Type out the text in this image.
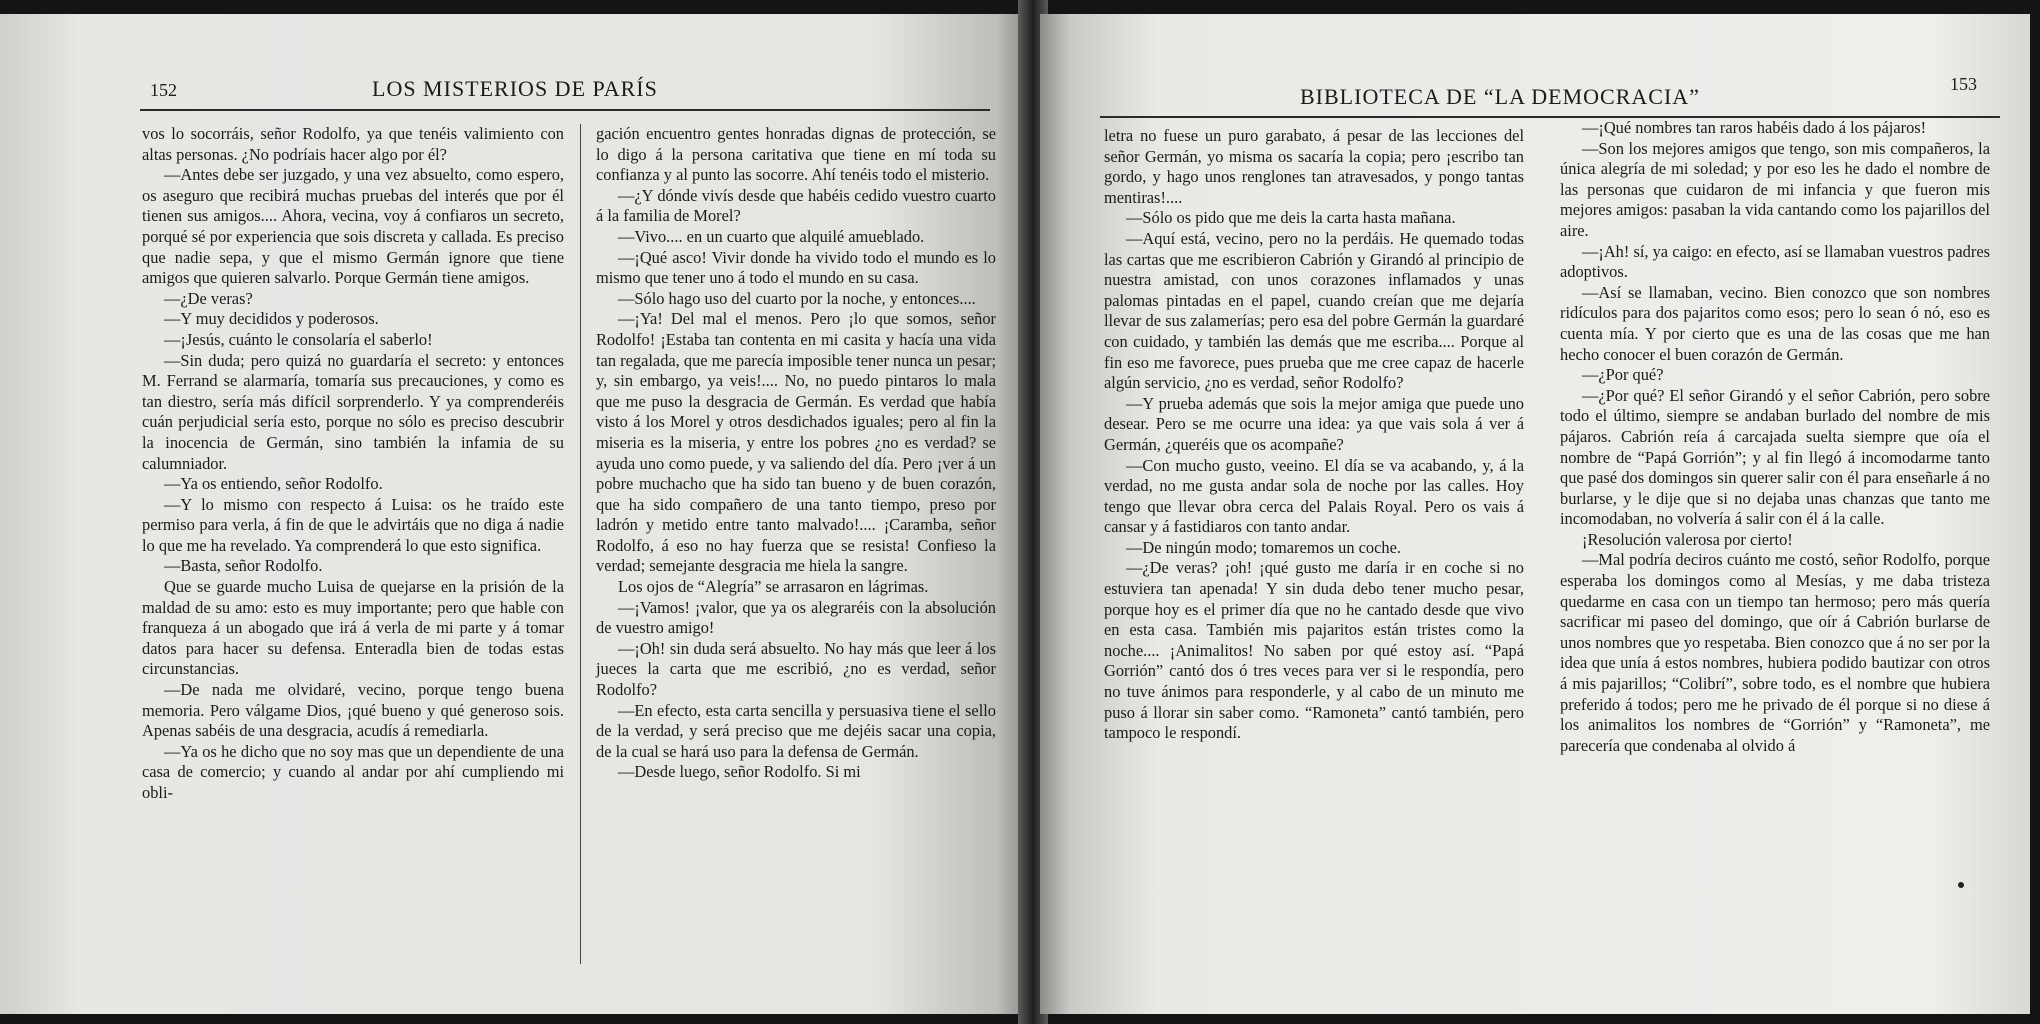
152	LOS MISTERIOS DE PARÍS

vos lo socorráis, señor Rodolfo, ya que tenéis valimiento con altas personas. ¿No podríais hacer algo por él?

—Antes debe ser juzgado, y una vez absuelto, como espero, os aseguro que recibirá muchas pruebas del interés que por él tienen sus amigos.... Ahora, vecina, voy á confiaros un secreto, porqué sé por experiencia que sois discreta y callada. Es preciso que nadie sepa, y que el mismo Germán ignore que tiene amigos que quieren salvarlo. Porque Germán tiene amigos.

—¿De veras?

—Y muy decididos y poderosos.

—¡Jesús, cuánto le consolaría el saberlo!

—Sin duda; pero quizá no guardaría el secreto: y entonces M. Ferrand se alarmaría, tomaría sus precauciones, y como es tan diestro, sería más difícil sorprenderlo. Y ya comprenderéis cuán perjudicial sería esto, porque no sólo es preciso descubrir la inocencia de Germán, sino también la infamia de su calumniador.

—Ya os entiendo, señor Rodolfo.

—Y lo mismo con respecto á Luisa: os he traído este permiso para verla, á fin de que le advirtáis que no diga á nadie lo que me ha revelado. Ya comprenderá lo que esto significa.

—Basta, señor Rodolfo.

Que se guarde mucho Luisa de quejarse en la prisión de la maldad de su amo: esto es muy importante; pero que hable con franqueza á un abogado que irá á verla de mi parte y á tomar datos para hacer su defensa. Enteradla bien de todas estas circunstancias.

—De nada me olvidaré, vecino, porque tengo buena memoria. Pero válgame Dios, ¡qué bueno y qué generoso sois. Apenas sabéis de una desgracia, acudís á remediarla.

—Ya os he dicho que no soy mas que un dependiente de una casa de comercio; y cuando al andar por ahí cumpliendo mi obli-

gación encuentro gentes honradas dignas de protección, se lo digo á la persona caritativa que tiene en mí toda su confianza y al punto las socorre. Ahí tenéis todo el misterio.

—¿Y dónde vivís desde que habéis cedido vuestro cuarto á la familia de Morel?

—Vivo.... en un cuarto que alquilé amueblado.

—¡Qué asco! Vivir donde ha vivido todo el mundo es lo mismo que tener uno á todo el mundo en su casa.

—Sólo hago uso del cuarto por la noche, y entonces....

—¡Ya! Del mal el menos. Pero ¡lo que somos, señor Rodolfo! ¡Estaba tan contenta en mi casita y hacía una vida tan regalada, que me parecía imposible tener nunca un pesar; y, sin embargo, ya veis!.... No, no puedo pintaros lo mala que me puso la desgracia de Germán. Es verdad que había visto á los Morel y otros desdichados iguales; pero al fin la miseria es la miseria, y entre los pobres ¿no es verdad? se ayuda uno como puede, y va saliendo del día. Pero ¡ver á un pobre muchacho que ha sido tan bueno y de buen corazón, que ha sido compañero de una tanto tiempo, preso por ladrón y metido entre tanto malvado!.... ¡Caramba, señor Rodolfo, á eso no hay fuerza que se resista! Confieso la verdad; semejante desgracia me hiela la sangre.

Los ojos de “Alegría” se arrasaron en lágrimas.

—¡Vamos! ¡valor, que ya os alegraréis con la absolución de vuestro amigo!

—¡Oh! sin duda será absuelto. No hay más que leer á los jueces la carta que me escribió, ¿no es verdad, señor Rodolfo?

—En efecto, esta carta sencilla y persuasiva tiene el sello de la verdad, y será preciso que me dejéis sacar una copia, de la cual se hará uso para la defensa de Germán.

—Desde luego, señor Rodolfo. Si mi

BIBLIOTECA DE “LA DEMOCRACIA”	153

letra no fuese un puro garabato, á pesar de las lecciones del señor Germán, yo misma os sacaría la copia; pero ¡escribo tan gordo, y hago unos renglones tan atravesados, y pongo tantas mentiras!....

—Sólo os pido que me deis la carta hasta mañana.

—Aquí está, vecino, pero no la perdáis. He quemado todas las cartas que me escribieron Cabrión y Girandó al principio de nuestra amistad, con unos corazones inflamados y unas palomas pintadas en el papel, cuando creían que me dejaría llevar de sus zalamerías; pero esa del pobre Germán la guardaré con cuidado, y también las demás que me escriba.... Porque al fin eso me favorece, pues prueba que me cree capaz de hacerle algún servicio, ¿no es verdad, señor Rodolfo?

—Y prueba además que sois la mejor amiga que puede uno desear. Pero se me ocurre una idea: ya que vais sola á ver á Germán, ¿queréis que os acompañe?

—Con mucho gusto, veeino. El día se va acabando, y, á la verdad, no me gusta andar sola de noche por las calles. Hoy tengo que llevar obra cerca del Palais Royal. Pero os vais á cansar y á fastidiaros con tanto andar.

—De ningún modo; tomaremos un coche.

—¿De veras? ¡oh! ¡qué gusto me daría ir en coche si no estuviera tan apenada! Y sin duda debo tener mucho pesar, porque hoy es el primer día que no he cantado desde que vivo en esta casa. También mis pajaritos están tristes como la noche.... ¡Animalitos! No saben por qué estoy así. “Papá Gorrión” cantó dos ó tres veces para ver si le respondía, pero no tuve ánimos para responderle, y al cabo de un minuto me puso á llorar sin saber como. “Ramoneta” cantó también, pero tampoco le respondí.

—¡Qué nombres tan raros habéis dado á los pájaros!

—Son los mejores amigos que tengo, son mis compañeros, la única alegría de mi soledad; y por eso les he dado el nombre de las personas que cuidaron de mi infancia y que fueron mis mejores amigos: pasaban la vida cantando como los pajarillos del aire.

—¡Ah! sí, ya caigo: en efecto, así se llamaban vuestros padres adoptivos.

—Así se llamaban, vecino. Bien conozco que son nombres ridículos para dos pajaritos como esos; pero lo sean ó nó, eso es cuenta mía. Y por cierto que es una de las cosas que me han hecho conocer el buen corazón de Germán.

—¿Por qué?

—¿Por qué? El señor Girandó y el señor Cabrión, pero sobre todo el último, siempre se andaban burlado del nombre de mis pájaros. Cabrión reía á carcajada suelta siempre que oía el nombre de “Papá Gorrión”; y al fin llegó á incomodarme tanto que pasé dos domingos sin querer salir con él para enseñarle á no burlarse, y le dije que si no dejaba unas chanzas que tanto me incomodaban, no volvería á salir con él á la calle.

¡Resolución valerosa por cierto!

—Mal podría deciros cuánto me costó, señor Rodolfo, porque esperaba los domingos como al Mesías, y me daba tristeza quedarme en casa con un tiempo tan hermoso; pero más quería sacrificar mi paseo del domingo, que oír á Cabrión burlarse de unos nombres que yo respetaba. Bien conozco que á no ser por la idea que unía á estos nombres, hubiera podido bautizar con otros á mis pajarillos; “Colibrí”, sobre todo, es el nombre que hubiera preferido á todos; pero me he privado de él porque si no diese á los animalitos los nombres de “Gorrión” y “Ramoneta”, me parecería que condenaba al olvido á
